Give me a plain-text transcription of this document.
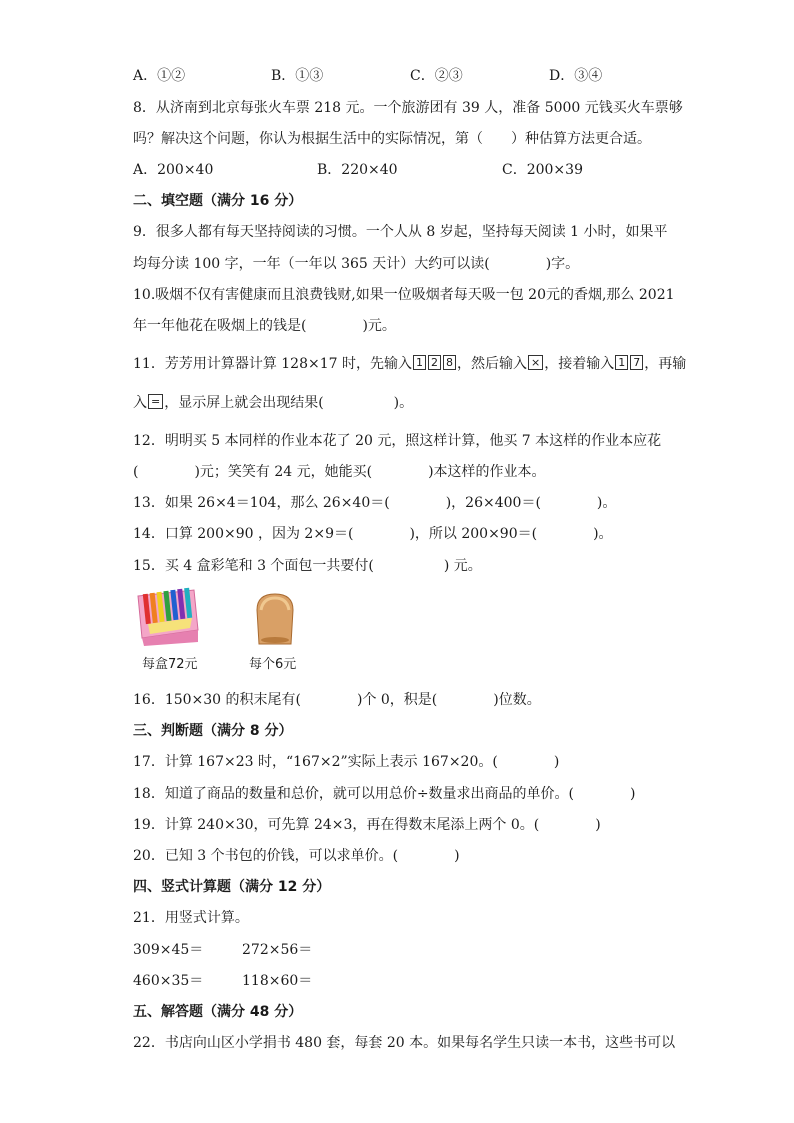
A．①②	B．①③	C．②③	D．③④
8．从济南到北京每张火车票 218 元。一个旅游团有 39 人，准备 5000 元钱买火车票够
吗？解决这个问题，你认为根据生活中的实际情况，第（　　）种估算方法更合适。
A．200×40	B．220×40	C．200×39
二、填空题（满分 16 分）
9．很多人都有每天坚持阅读的习惯。一个人从 8 岁起，坚持每天阅读 1 小时，如果平
均每分读 100 字，一年（一年以 365 天计）大约可以读(　　　　)字。
10.吸烟不仅有害健康而且浪费钱财,如果一位吸烟者每天吸一包 20元的香烟,那么 2021
年一年他花在吸烟上的钱是(　　　　)元。
11．芳芳用计算器计算 128×17 时，先输入 1 2 8 ，然后输入 × ，接着输入 1 7 ，再输
入 = ，显示屏上就会出现结果(　　　　　)。
12．明明买 5 本同样的作业本花了 20 元，照这样计算，他买 7 本这样的作业本应花
(　　　　)元；笑笑有 24 元，她能买(　　　　)本这样的作业本。
13．如果 26×4＝104，那么 26×40＝(　　　　)，26×400＝(　　　　)。
14．口算 200×90 ，因为 2×9＝(　　　　)，所以 200×90＝(　　　　)。
15．买 4 盒彩笔和 3 个面包一共要付(　　　　　) 元。
每盒72元	每个6元
16．150×30 的积末尾有(　　　　)个 0，积是(　　　　)位数。
三、判断题（满分 8 分）
17．计算 167×23 时，“167×2”实际上表示 167×20。(　　　　)
18．知道了商品的数量和总价，就可以用总价÷数量求出商品的单价。(　　　　)
19．计算 240×30，可先算 24×3，再在得数末尾添上两个 0。(　　　　)
20．已知 3 个书包的价钱，可以求单价。(　　　　)
四、竖式计算题（满分 12 分）
21．用竖式计算。
309×45＝	272×56＝
460×35＝	118×60＝
五、解答题（满分 48 分）
22．书店向山区小学捐书 480 套，每套 20 本。如果每名学生只读一本书，这些书可以
